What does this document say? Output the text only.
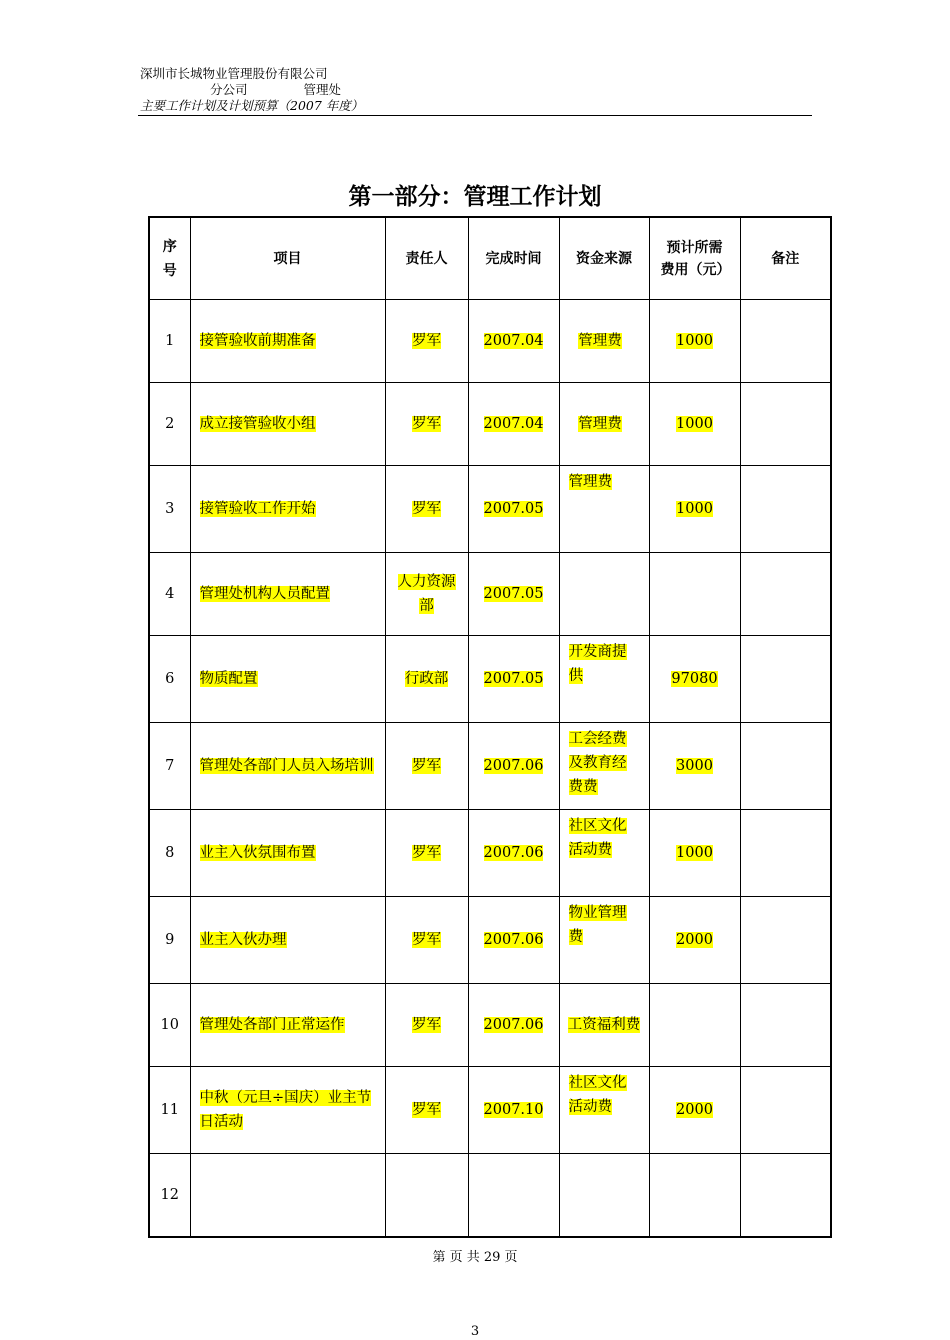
深圳市长城物业管理股份有限公司
分公司	管理处
主要工作计划及计划预算（2007 年度）
第一部分：管理工作计划
序号	项目	责任人	完成时间	资金来源	预计所需费用（元）	备注
1	接管验收前期准备	罗军	2007.04	管理费	1000	
2	成立接管验收小组	罗军	2007.04	管理费	1000	
3	接管验收工作开始	罗军	2007.05	管理费	1000	
4	管理处机构人员配置	人力资源部	2007.05			
6	物质配置	行政部	2007.05	开发商提供	97080	
7	管理处各部门人员入场培训	罗军	2007.06	工会经费及教育经费费	3000	
8	业主入伙氛围布置	罗军	2007.06	社区文化活动费	1000	
9	业主入伙办理	罗军	2007.06	物业管理费	2000	
10	管理处各部门正常运作	罗军	2007.06	工资福利费		
11	中秋（元旦÷国庆）业主节日活动	罗军	2007.10	社区文化活动费	2000	
12						
第 页 共 29 页
3
